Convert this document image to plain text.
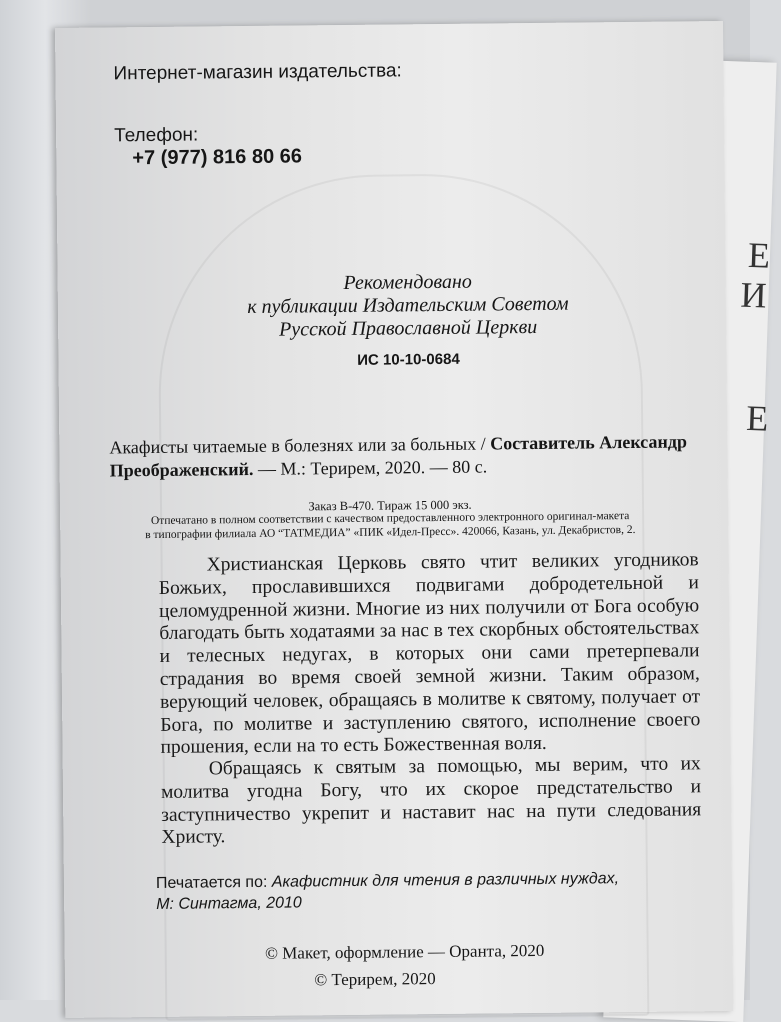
Е
И
Е
Интернет-магазин издательства:
Телефон:
+7 (977) 816 80 66
Рекомендовано
к публикации Издательским Советом
Русской Православной Церкви
ИС 10-10-0684
Акафисты читаемые в болезнях или за больных / Составитель Александр
Преображенский. — М.: Терирем, 2020. — 80 с.
Заказ В-470. Тираж 15 000 экз.
Отпечатано в полном соответствии с качеством предоставленного электронного оригинал-макета
в типографии филиала АО “ТАТМЕДИА” «ПИК «Идел-Пресс». 420066, Казань, ул. Декабристов, 2.

Христианская Церковь свято чтит великих угодников Божьих, прославившихся подвигами добродетельной и целомудренной жизни. Многие из них получили от Бога особую благодать быть ходатаями за нас в тех скорбных обстоятельствах и телесных недугах, в которых они сами претерпевали страдания во время своей земной жизни. Таким образом, верующий человек, обращаясь в молитве к святому, получает от Бога, по молитве и заступлению святого, исполнение своего прошения, если на то есть Божественная воля.

Обращаясь к святым за помощью, мы верим, что их молитва угодна Богу, что их скорое предстательство и заступничество укрепит и наставит нас на пути следования Христу.

Печатается по: Акафистник для чтения в различных нуждах, М: Синтагма, 2010
© Макет, оформление — Оранта, 2020
© Терирем, 2020
